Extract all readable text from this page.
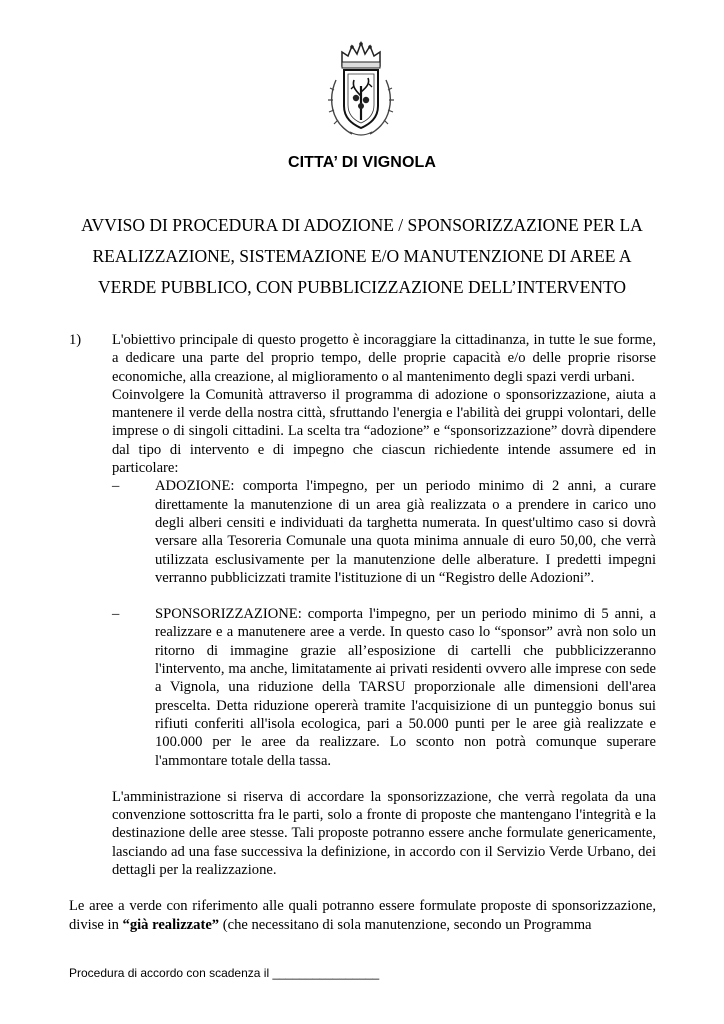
CITTA’ DI VIGNOLA
AVVISO DI PROCEDURA DI ADOZIONE / SPONSORIZZAZIONE PER LA
REALIZZAZIONE, SISTEMAZIONE E/O MANUTENZIONE DI AREE A
VERDE PUBBLICO, CON PUBBLICIZZAZIONE DELL’INTERVENTO
1) L'obiettivo principale di questo progetto è incoraggiare la cittadinanza, in tutte le sue forme, a dedicare una parte del proprio tempo, delle proprie capacità e/o delle proprie risorse economiche, alla creazione, al miglioramento o al mantenimento degli spazi verdi urbani.

Coinvolgere la Comunità attraverso il programma di adozione o sponsorizzazione, aiuta a mantenere il verde della nostra città, sfruttando l'energia e l'abilità dei gruppi volontari, delle imprese o di singoli cittadini. La scelta tra “adozione” e “sponsorizzazione” dovrà dipendere dal tipo di intervento e di impegno che ciascun richiedente intende assumere ed in particolare:

– ADOZIONE: comporta l'impegno, per un periodo minimo di 2 anni, a curare direttamente la manutenzione di un area già realizzata o a prendere in carico uno degli alberi censiti e individuati da targhetta numerata. In quest'ultimo caso si dovrà versare alla Tesoreria Comunale una quota minima annuale di euro 50,00, che verrà utilizzata esclusivamente per la manutenzione delle alberature. I predetti impegni verranno pubblicizzati tramite l'istituzione di un “Registro delle Adozioni”.

– SPONSORIZZAZIONE: comporta l'impegno, per un periodo minimo di 5 anni, a realizzare e a manutenere aree a verde. In questo caso lo “sponsor” avrà non solo un ritorno di immagine grazie all’esposizione di cartelli che pubblicizzeranno l'intervento, ma anche, limitatamente ai privati residenti ovvero alle imprese con sede a Vignola, una riduzione della TARSU proporzionale alle dimensioni dell'area prescelta. Detta riduzione opererà tramite l'acquisizione di un punteggio bonus sui rifiuti conferiti all'isola ecologica, pari a 50.000 punti per le aree già realizzate e 100.000 per le aree da realizzare. Lo sconto non potrà comunque superare l'ammontare totale della tassa.

L'amministrazione si riserva di accordare la sponsorizzazione, che verrà regolata da una convenzione sottoscritta fra le parti, solo a fronte di proposte che mantengano l'integrità e la destinazione delle aree stesse. Tali proposte potranno essere anche formulate genericamente, lasciando ad una fase successiva la definizione, in accordo con il Servizio Verde Urbano, dei dettagli per la realizzazione.

Le aree a verde con riferimento alle quali potranno essere formulate proposte di sponsorizzazione, divise in “già realizzate” (che necessitano di sola manutenzione, secondo un Programma

Procedura di accordo con scadenza il ________________
